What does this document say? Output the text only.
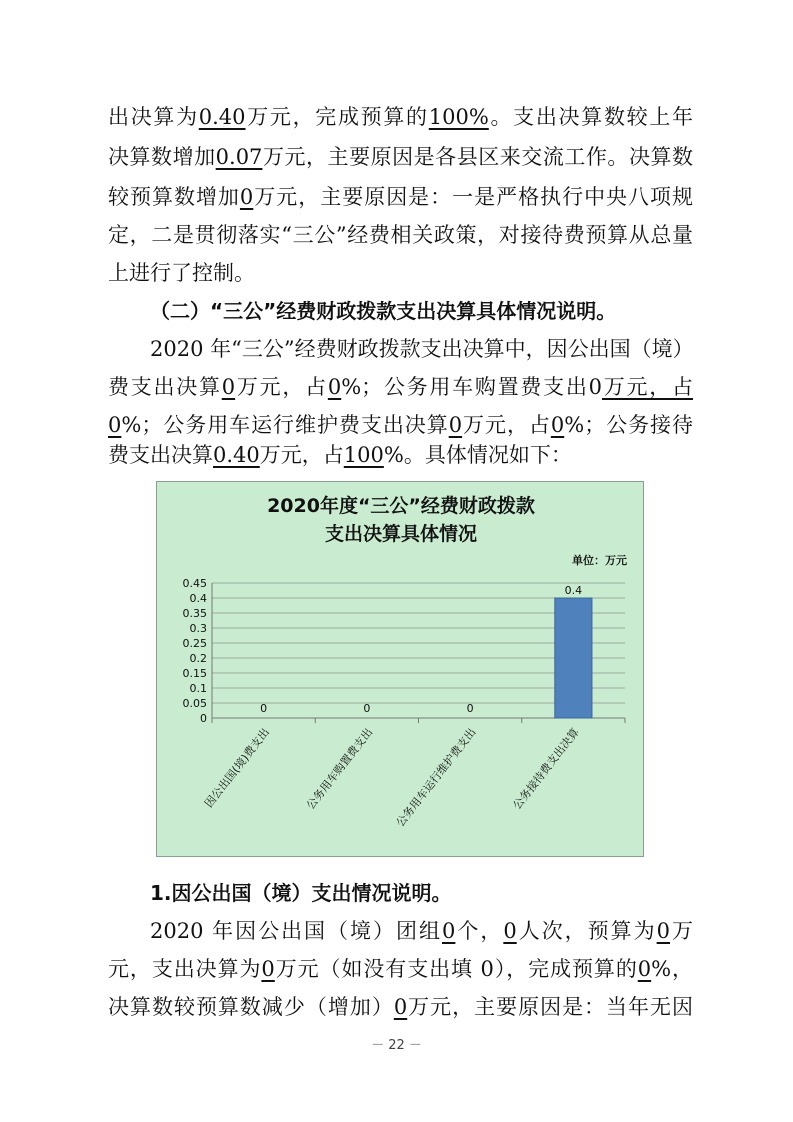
出决算为0.40万元，完成预算的100%。支出决算数较上年
决算数增加0.07万元，主要原因是各县区来交流工作。决算数
较预算数增加0万元，主要原因是：一是严格执行中央八项规
定，二是贯彻落实“三公”经费相关政策，对接待费预算从总量
上进行了控制。
（二）“三公”经费财政拨款支出决算具体情况说明。
2020 年“三公”经费财政拨款支出决算中，因公出国（境）
费支出决算0万元，占0%；公务用车购置费支出0万元，占
0%；公务用车运行维护费支出决算0万元，占0%；公务接待
费支出决算0.40万元，占100%。具体情况如下：
2020年度“三公”经费财政拨款
支出决算具体情况
单位：万元
0
0.05
0.1
0.15
0.2
0.25
0.3
0.35
0.4
0.45
0	0	0
0.4
因公出国(境)费支出	公务用车购置费支出 公务用车运行维护费支出	公务接待费支出决算
1.因公出国（境）支出情况说明。
2020 年因公出国（境）团组0个，0人次，预算为0万
元，支出决算为0万元（如没有支出填 0），完成预算的0%，
决算数较预算数减少（增加）0万元，主要原因是：当年无因
－ 22 －
